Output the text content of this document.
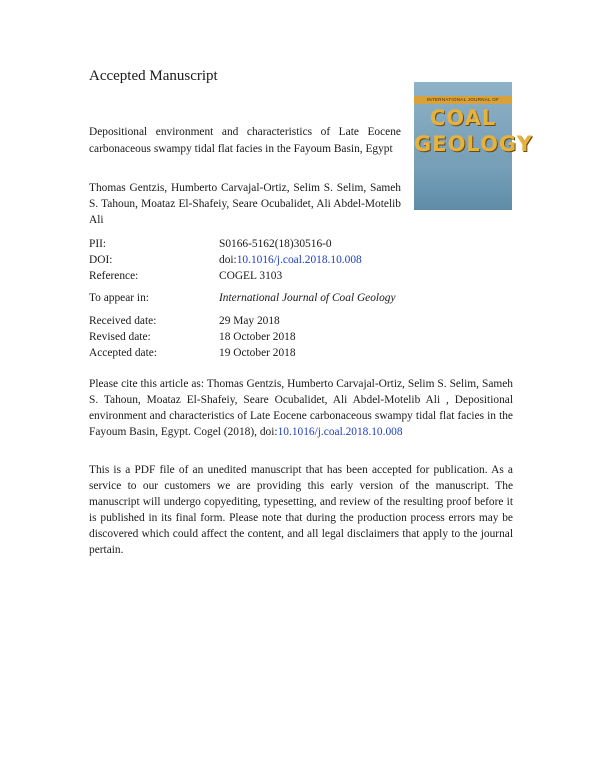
Accepted Manuscript
Depositional environment and characteristics of Late Eocene carbonaceous swampy tidal flat facies in the Fayoum Basin, Egypt
INTERNATIONAL JOURNAL OF
COAL
GEOLOGY
Thomas Gentzis, Humberto Carvajal-Ortiz, Selim S. Selim, Sameh S. Tahoun, Moataz El-Shafeiy, Seare Ocubalidet, Ali Abdel-Motelib Ali
PII:	S0166-5162(18)30516-0
DOI:	doi:10.1016/j.coal.2018.10.008
Reference:	COGEL 3103
To appear in:	International Journal of Coal Geology
Received date:	29 May 2018
Revised date:	18 October 2018
Accepted date:	19 October 2018
Please cite this article as: Thomas Gentzis, Humberto Carvajal-Ortiz, Selim S. Selim, Sameh S. Tahoun, Moataz El-Shafeiy, Seare Ocubalidet, Ali Abdel-Motelib Ali , Depositional environment and characteristics of Late Eocene carbonaceous swampy tidal flat facies in the Fayoum Basin, Egypt. Cogel (2018), doi:10.1016/j.coal.2018.10.008
This is a PDF file of an unedited manuscript that has been accepted for publication. As a service to our customers we are providing this early version of the manuscript. The manuscript will undergo copyediting, typesetting, and review of the resulting proof before it is published in its final form. Please note that during the production process errors may be discovered which could affect the content, and all legal disclaimers that apply to the journal pertain.
